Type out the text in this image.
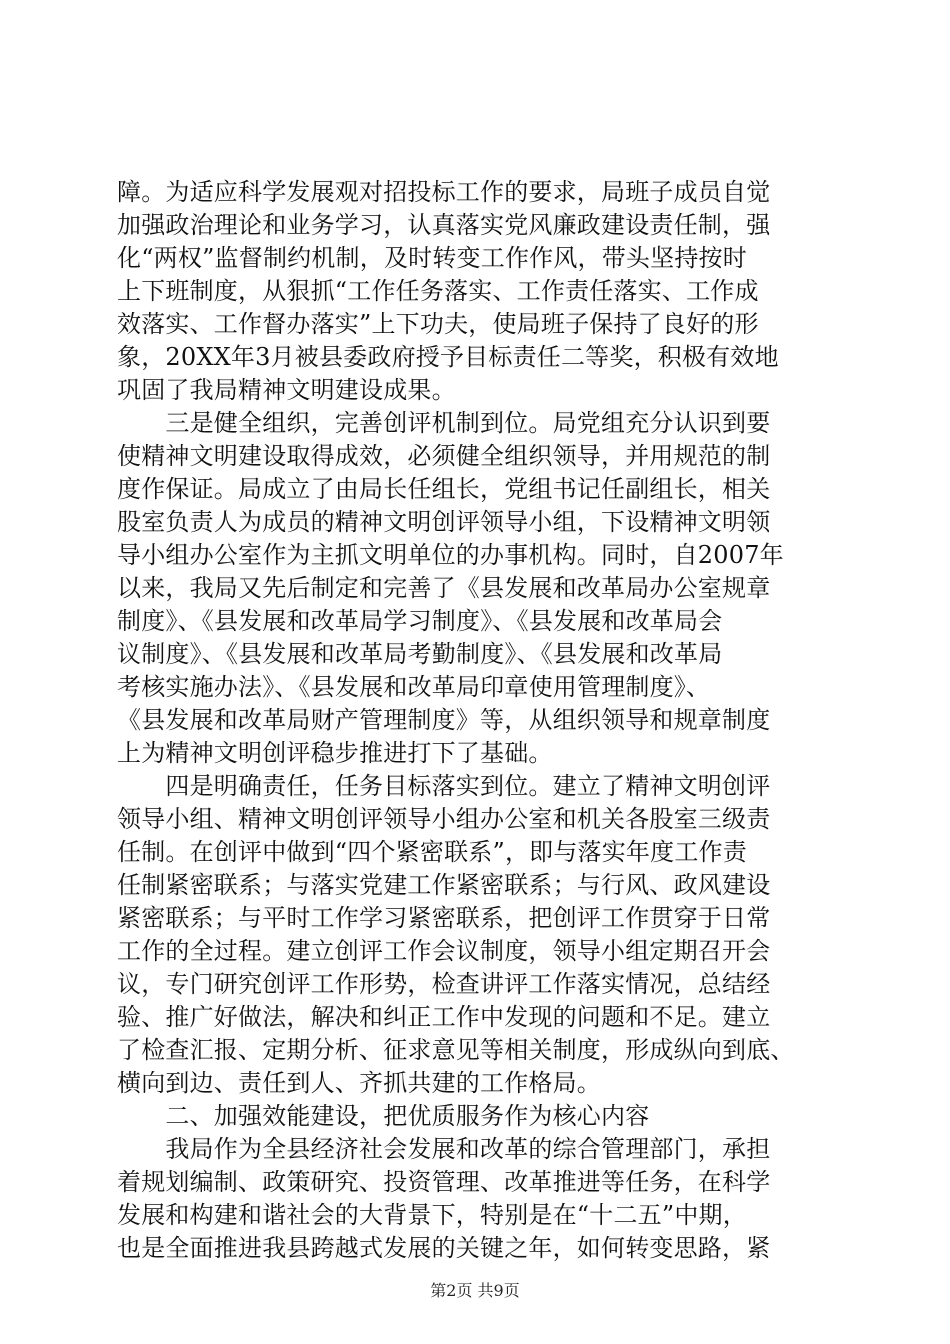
障。为适应科学发展观对招投标工作的要求，局班子成员自觉
加强政治理论和业务学习，认真落实党风廉政建设责任制，强
化“两权”监督制约机制，及时转变工作作风，带头坚持按时
上下班制度，从狠抓“工作任务落实、工作责任落实、工作成
效落实、工作督办落实”上下功夫，使局班子保持了良好的形
象，20XX年3月被县委政府授予目标责任二等奖，积极有效地
巩固了我局精神文明建设成果。
　　三是健全组织，完善创评机制到位。局党组充分认识到要
使精神文明建设取得成效，必须健全组织领导，并用规范的制
度作保证。局成立了由局长任组长，党组书记任副组长，相关
股室负责人为成员的精神文明创评领导小组，下设精神文明领
导小组办公室作为主抓文明单位的办事机构。同时，自2007年
以来，我局又先后制定和完善了《县发展和改革局办公室规章
制度》、《县发展和改革局学习制度》、《县发展和改革局会
议制度》、《县发展和改革局考勤制度》、《县发展和改革局
考核实施办法》、《县发展和改革局印章使用管理制度》、
《县发展和改革局财产管理制度》等，从组织领导和规章制度
上为精神文明创评稳步推进打下了基础。
　　四是明确责任，任务目标落实到位。建立了精神文明创评
领导小组、精神文明创评领导小组办公室和机关各股室三级责
任制。在创评中做到“四个紧密联系”，即与落实年度工作责
任制紧密联系；与落实党建工作紧密联系；与行风、政风建设
紧密联系；与平时工作学习紧密联系，把创评工作贯穿于日常
工作的全过程。建立创评工作会议制度，领导小组定期召开会
议，专门研究创评工作形势，检查讲评工作落实情况，总结经
验、推广好做法，解决和纠正工作中发现的问题和不足。建立
了检查汇报、定期分析、征求意见等相关制度，形成纵向到底、
横向到边、责任到人、齐抓共建的工作格局。
　　二、加强效能建设，把优质服务作为核心内容
　　我局作为全县经济社会发展和改革的综合管理部门，承担
着规划编制、政策研究、投资管理、改革推进等任务，在科学
发展和构建和谐社会的大背景下，特别是在“十二五”中期，
也是全面推进我县跨越式发展的关键之年，如何转变思路，紧
第2页 共9页
